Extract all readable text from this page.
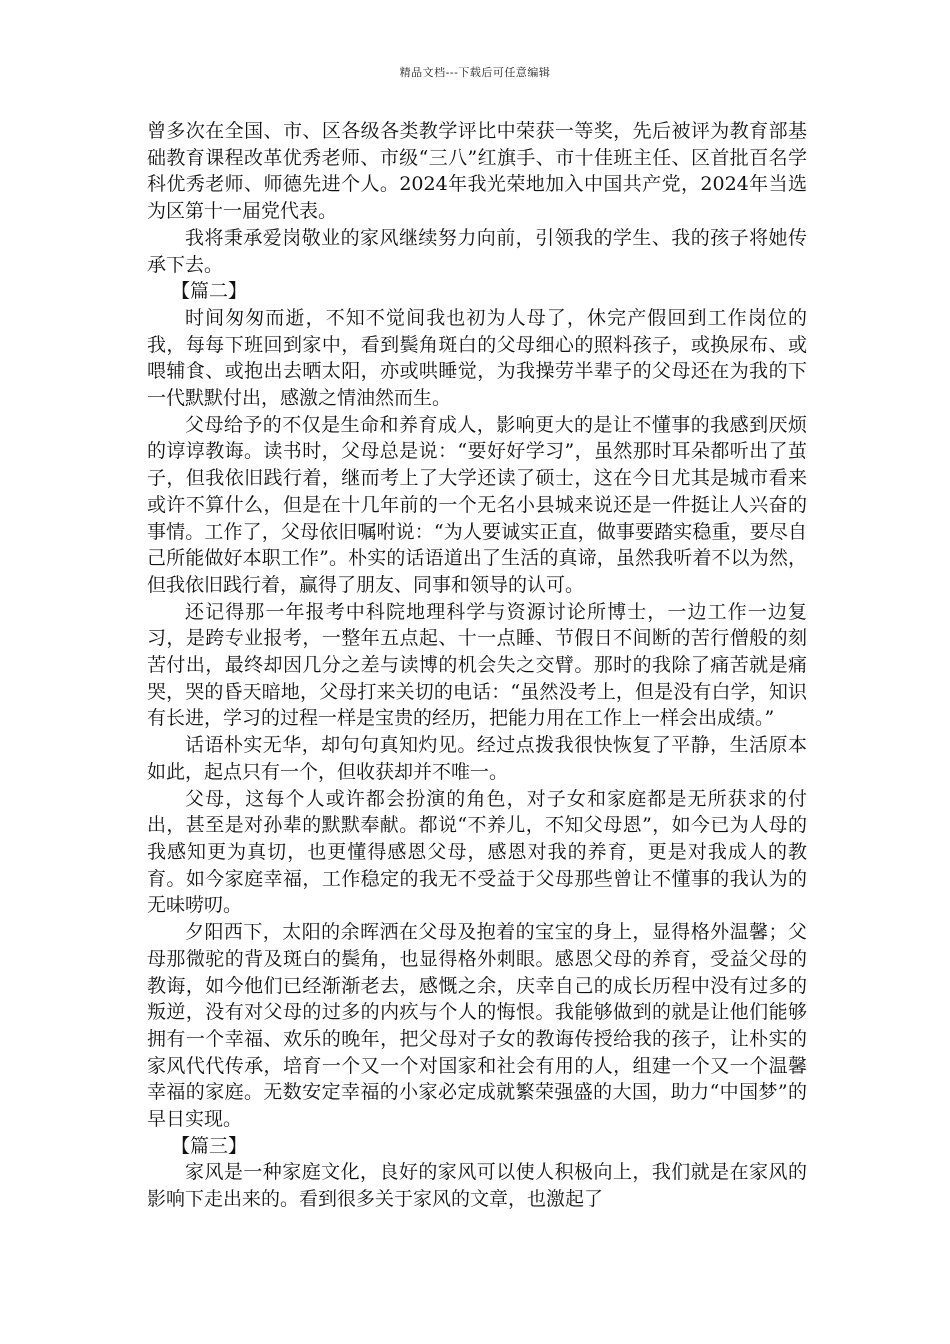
精品文档---下载后可任意编辑

曾多次在全国、市、区各级各类教学评比中荣获一等奖，先后被评为教育部基础教育课程改革优秀老师、市级“三八”红旗手、市十佳班主任、区首批百名学科优秀老师、师德先进个人。2024年我光荣地加入中国共产党，2024年当选为区第十一届党代表。

我将秉承爱岗敬业的家风继续努力向前，引领我的学生、我的孩子将她传承下去。

【篇二】

时间匆匆而逝，不知不觉间我也初为人母了，休完产假回到工作岗位的我，每每下班回到家中，看到鬓角斑白的父母细心的照料孩子，或换尿布、或喂辅食、或抱出去晒太阳，亦或哄睡觉，为我操劳半辈子的父母还在为我的下一代默默付出，感激之情油然而生。

父母给予的不仅是生命和养育成人，影响更大的是让不懂事的我感到厌烦的谆谆教诲。读书时，父母总是说：“要好好学习”，虽然那时耳朵都听出了茧子，但我依旧践行着，继而考上了大学还读了硕士，这在今日尤其是城市看来或许不算什么，但是在十几年前的一个无名小县城来说还是一件挺让人兴奋的事情。工作了，父母依旧嘱咐说：“为人要诚实正直，做事要踏实稳重，要尽自己所能做好本职工作”。朴实的话语道出了生活的真谛，虽然我听着不以为然，但我依旧践行着，赢得了朋友、同事和领导的认可。

还记得那一年报考中科院地理科学与资源讨论所博士，一边工作一边复习，是跨专业报考，一整年五点起、十一点睡、节假日不间断的苦行僧般的刻苦付出，最终却因几分之差与读博的机会失之交臂。那时的我除了痛苦就是痛哭，哭的昏天暗地，父母打来关切的电话：“虽然没考上，但是没有白学，知识有长进，学习的过程一样是宝贵的经历，把能力用在工作上一样会出成绩。”

话语朴实无华，却句句真知灼见。经过点拨我很快恢复了平静，生活原本如此，起点只有一个，但收获却并不唯一。

父母，这每个人或许都会扮演的角色，对子女和家庭都是无所获求的付出，甚至是对孙辈的默默奉献。都说“不养儿，不知父母恩”，如今已为人母的我感知更为真切，也更懂得感恩父母，感恩对我的养育，更是对我成人的教育。如今家庭幸福，工作稳定的我无不受益于父母那些曾让不懂事的我认为的无味唠叨。

夕阳西下，太阳的余晖洒在父母及抱着的宝宝的身上，显得格外温馨；父母那微驼的背及斑白的鬓角，也显得格外刺眼。感恩父母的养育，受益父母的教诲，如今他们已经渐渐老去，感慨之余，庆幸自己的成长历程中没有过多的叛逆，没有对父母的过多的内疚与个人的悔恨。我能够做到的就是让他们能够拥有一个幸福、欢乐的晚年，把父母对子女的教诲传授给我的孩子，让朴实的家风代代传承，培育一个又一个对国家和社会有用的人，组建一个又一个温馨幸福的家庭。无数安定幸福的小家必定成就繁荣强盛的大国，助力“中国梦”的早日实现。

【篇三】

家风是一种家庭文化，良好的家风可以使人积极向上，我们就是在家风的影响下走出来的。看到很多关于家风的文章，也激起了
